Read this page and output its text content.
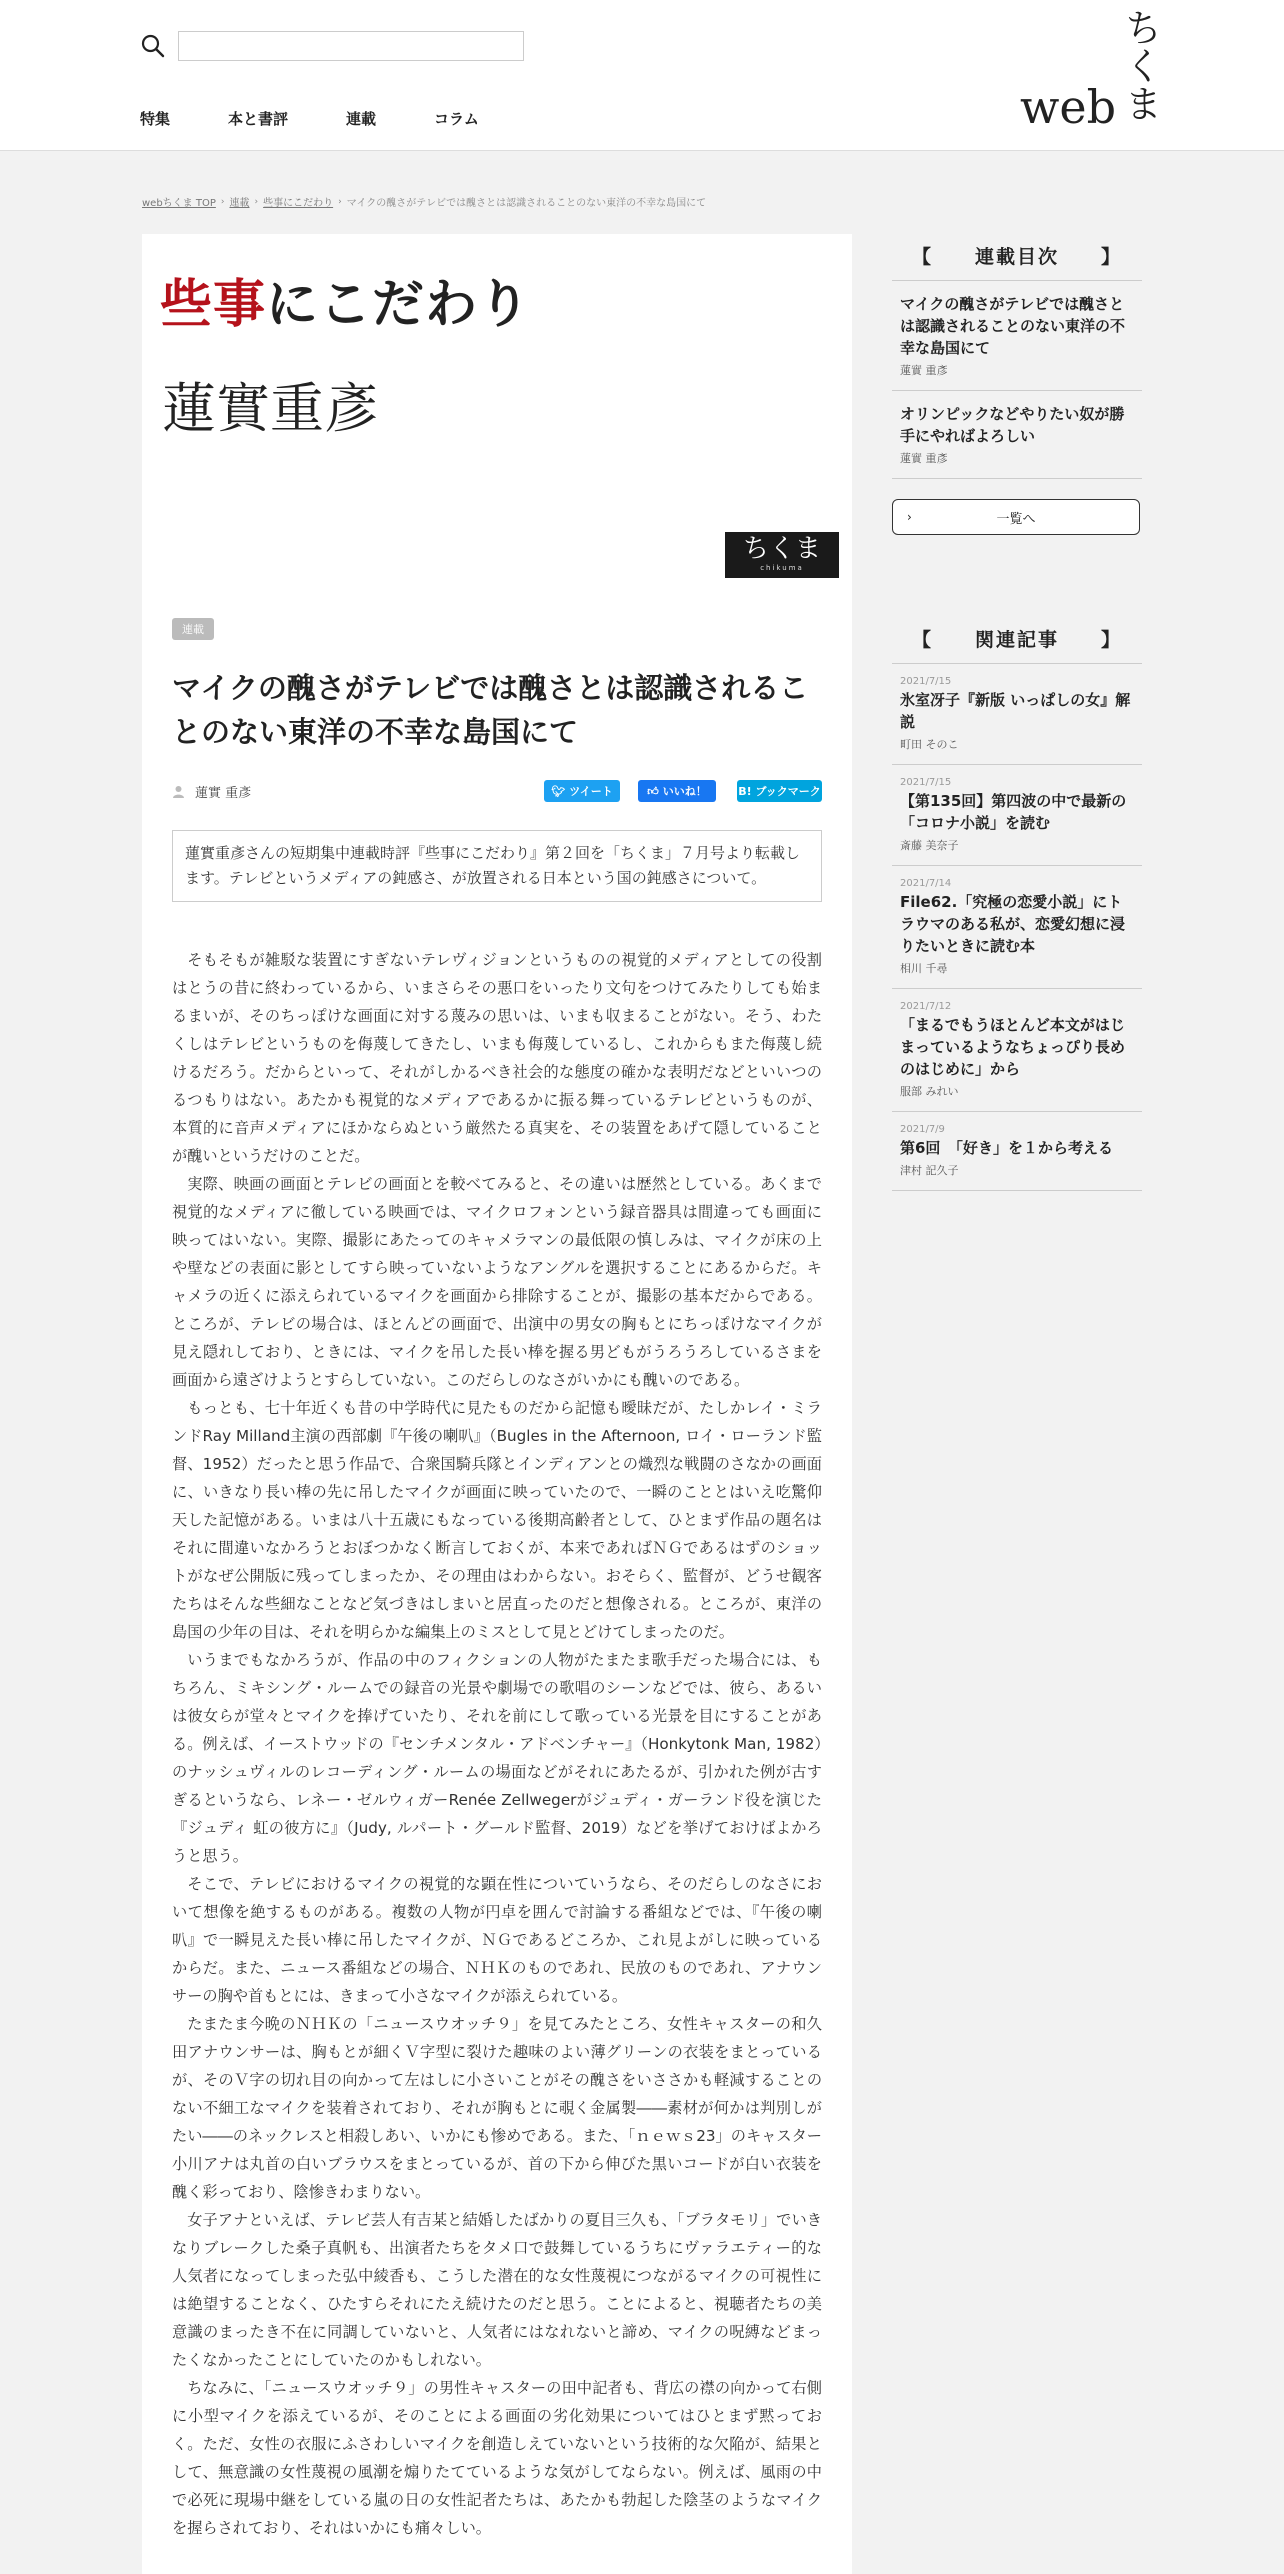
特集	本と書評	連載	コラム	ちくま
web
webちくま TOP › 連載 › 些事にこだわり › マイクの醜さがテレビでは醜さとは認識されることのない東洋の不幸な島国にて
些事にこだわり
蓮實重彥
ちくま
chikuma
連載
マイクの醜さがテレビでは醜さとは認識されることのない東洋の不幸な島国にて
蓮實 重彥	🐦︎ ツイート	👍︎ いいね！	B! ブックマーク
蓮實重彥さんの短期集中連載時評『些事にこだわり』第２回を「ちくま」７月号より転載します。テレビというメディアの鈍感さ、が放置される日本という国の鈍感さについて。

そもそもが雑駁な装置にすぎないテレヴィジョンというものの視覚的メディアとしての役割はとうの昔に終わっているから、いまさらその悪口をいったり文句をつけてみたりしても始まるまいが、そのちっぽけな画面に対する蔑みの思いは、いまも収まることがない。そう、わたくしはテレビというものを侮蔑してきたし、いまも侮蔑しているし、これからもまた侮蔑し続けるだろう。だからといって、それがしかるべき社会的な態度の確かな表明だなどといいつのるつもりはない。あたかも視覚的なメディアであるかに振る舞っているテレビというものが、本質的に音声メディアにほかならぬという厳然たる真実を、その装置をあげて隠していることが醜いというだけのことだ。

実際、映画の画面とテレビの画面とを較べてみると、その違いは歴然としている。あくまで視覚的なメディアに徹している映画では、マイクロフォンという録音器具は間違っても画面に映ってはいない。実際、撮影にあたってのキャメラマンの最低限の慎しみは、マイクが床の上や壁などの表面に影としてすら映っていないようなアングルを選択することにあるからだ。キャメラの近くに添えられているマイクを画面から排除することが、撮影の基本だからである。ところが、テレビの場合は、ほとんどの画面で、出演中の男女の胸もとにちっぽけなマイクが見え隠れしており、ときには、マイクを吊した長い棒を握る男どもがうろうろしているさまを画面から遠ざけようとすらしていない。このだらしのなさがいかにも醜いのである。

もっとも、七十年近くも昔の中学時代に見たものだから記憶も曖昧だが、たしかレイ・ミランドRay Milland主演の西部劇『午後の喇叭』（Bugles in the Afternoon, ロイ・ローランド監督、1952）だったと思う作品で、合衆国騎兵隊とインディアンとの熾烈な戦闘のさなかの画面に、いきなり長い棒の先に吊したマイクが画面に映っていたので、一瞬のこととはいえ吃驚仰天した記憶がある。いまは八十五歳にもなっている後期高齢者として、ひとまず作品の題名はそれに間違いなかろうとおぼつかなく断言しておくが、本来であればＮＧであるはずのショットがなぜ公開版に残ってしまったか、その理由はわからない。おそらく、監督が、どうせ観客たちはそんな些細なことなど気づきはしまいと居直ったのだと想像される。ところが、東洋の島国の少年の目は、それを明らかな編集上のミスとして見とどけてしまったのだ。

いうまでもなかろうが、作品の中のフィクションの人物がたまたま歌手だった場合には、もちろん、ミキシング・ルームでの録音の光景や劇場での歌唱のシーンなどでは、彼ら、あるいは彼女らが堂々とマイクを捧げていたり、それを前にして歌っている光景を目にすることがある。例えば、イーストウッドの『センチメンタル・アドベンチャー』（Honkytonk Man, 1982）のナッシュヴィルのレコーディング・ルームの場面などがそれにあたるが、引かれた例が古すぎるというなら、レネー・ゼルウィガーRenée Zellwegerがジュディ・ガーランド役を演じた『ジュディ 虹の彼方に』（Judy, ルパート・グールド監督、2019）などを挙げておけばよかろうと思う。

そこで、テレビにおけるマイクの視覚的な顕在性についていうなら、そのだらしのなさにおいて想像を絶するものがある。複数の人物が円卓を囲んで討論する番組などでは、『午後の喇叭』で一瞬見えた長い棒に吊したマイクが、ＮＧであるどころか、これ見よがしに映っているからだ。また、ニュース番組などの場合、ＮＨＫのものであれ、民放のものであれ、アナウンサーの胸や首もとには、きまって小さなマイクが添えられている。

たまたま今晩のＮＨＫの「ニュースウオッチ９」を見てみたところ、女性キャスターの和久田アナウンサーは、胸もとが細くＶ字型に裂けた趣味のよい薄グリーンの衣装をまとっているが、そのＶ字の切れ目の向かって左はしに小さいことがその醜さをいささかも軽減することのない不細工なマイクを装着されており、それが胸もとに覗く金属製――素材が何かは判別しがたい――のネックレスと相殺しあい、いかにも惨めである。また、「ｎｅｗｓ23」のキャスター小川アナは丸首の白いブラウスをまとっているが、首の下から伸びた黒いコードが白い衣装を醜く彩っており、陰惨きわまりない。

女子アナといえば、テレビ芸人有吉某と結婚したばかりの夏目三久も、「ブラタモリ」でいきなりブレークした桑子真帆も、出演者たちをタメ口で鼓舞しているうちにヴァラエティー的な人気者になってしまった弘中綾香も、こうした潜在的な女性蔑視につながるマイクの可視性には絶望することなく、ひたすらそれにたえ続けたのだと思う。ことによると、視聴者たちの美意識のまったき不在に同調していないと、人気者にはなれないと諦め、マイクの呪縛などまったくなかったことにしていたのかもしれない。

ちなみに、「ニュースウオッチ９」の男性キャスターの田中記者も、背広の襟の向かって右側に小型マイクを添えているが、そのことによる画面の劣化効果についてはひとまず黙っておく。ただ、女性の衣服にふさわしいマイクを創造しえていないという技術的な欠陥が、結果として、無意識の女性蔑視の風潮を煽りたてているような気がしてならない。例えば、風雨の中で必死に現場中継をしている嵐の日の女性記者たちは、あたかも勃起した陰茎のようなマイクを握らされており、それはいかにも痛々しい。

【　　連載目次　　】
マイクの醜さがテレビでは醜さとは認識されることのない東洋の不幸な島国にて
蓮實 重彥
オリンピックなどやりたい奴が勝手にやればよろしい
蓮實 重彥
›	一覧へ
【　　関連記事　　】
2021/7/15
氷室冴子『新版 いっぱしの女』解説
町田 そのこ
2021/7/15
【第135回】第四波の中で最新の「コロナ小説」を読む
斎藤 美奈子
2021/7/14
File62.「究極の恋愛小説」にトラウマのある私が、恋愛幻想に浸りたいときに読む本
相川 千尋
2021/7/12
「まるでもうほとんど本文がはじまっているようなちょっぴり長めのはじめに」から
服部 みれい
2021/7/9
第6回　「好き」を１から考える
津村 記久子
